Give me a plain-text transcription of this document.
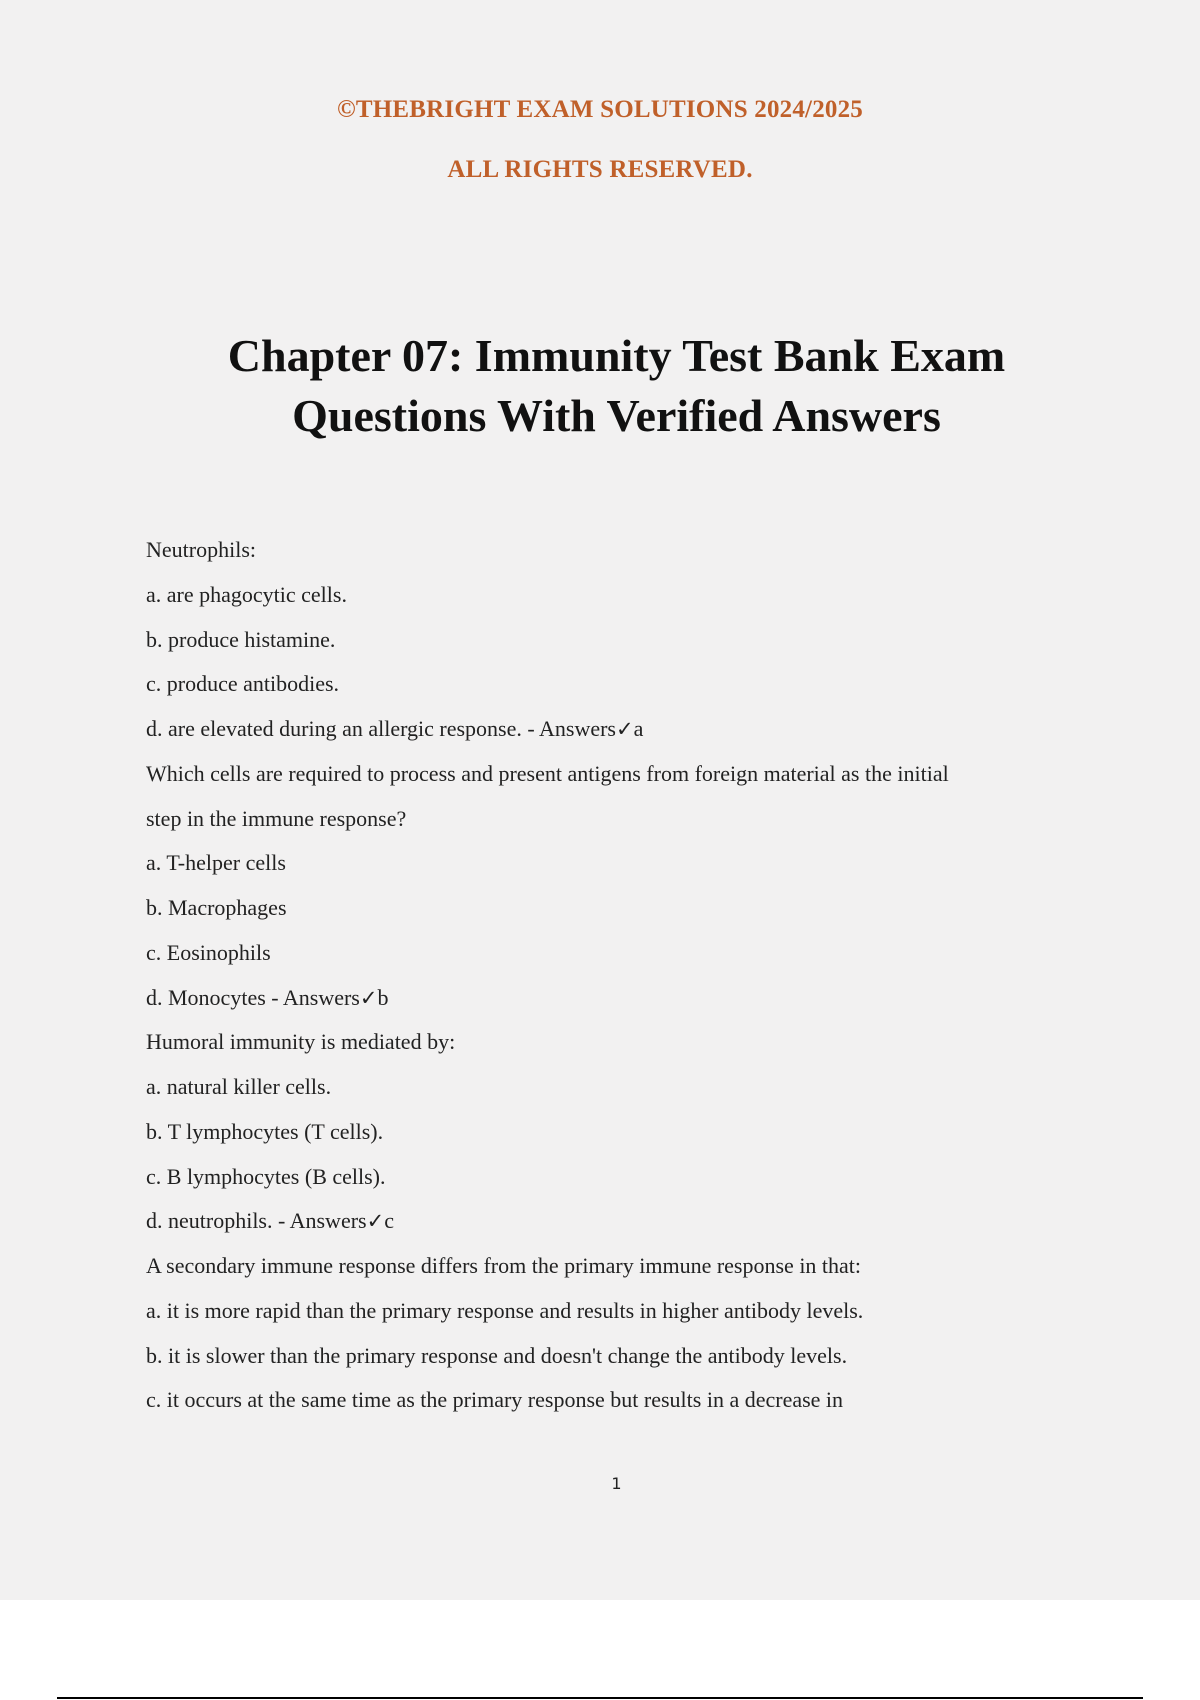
©THEBRIGHT EXAM SOLUTIONS 2024/2025
ALL RIGHTS RESERVED.
Chapter 07: Immunity Test Bank Exam
Questions With Verified Answers
Neutrophils:
a. are phagocytic cells.
b. produce histamine.
c. produce antibodies.
d. are elevated during an allergic response. - Answers✓a
Which cells are required to process and present antigens from foreign material as the initial
step in the immune response?
a. T-helper cells
b. Macrophages
c. Eosinophils
d. Monocytes - Answers✓b
Humoral immunity is mediated by:
a. natural killer cells.
b. T lymphocytes (T cells).
c. B lymphocytes (B cells).
d. neutrophils. - Answers✓c
A secondary immune response differs from the primary immune response in that:
a. it is more rapid than the primary response and results in higher antibody levels.
b. it is slower than the primary response and doesn't change the antibody levels.
c. it occurs at the same time as the primary response but results in a decrease in
1
